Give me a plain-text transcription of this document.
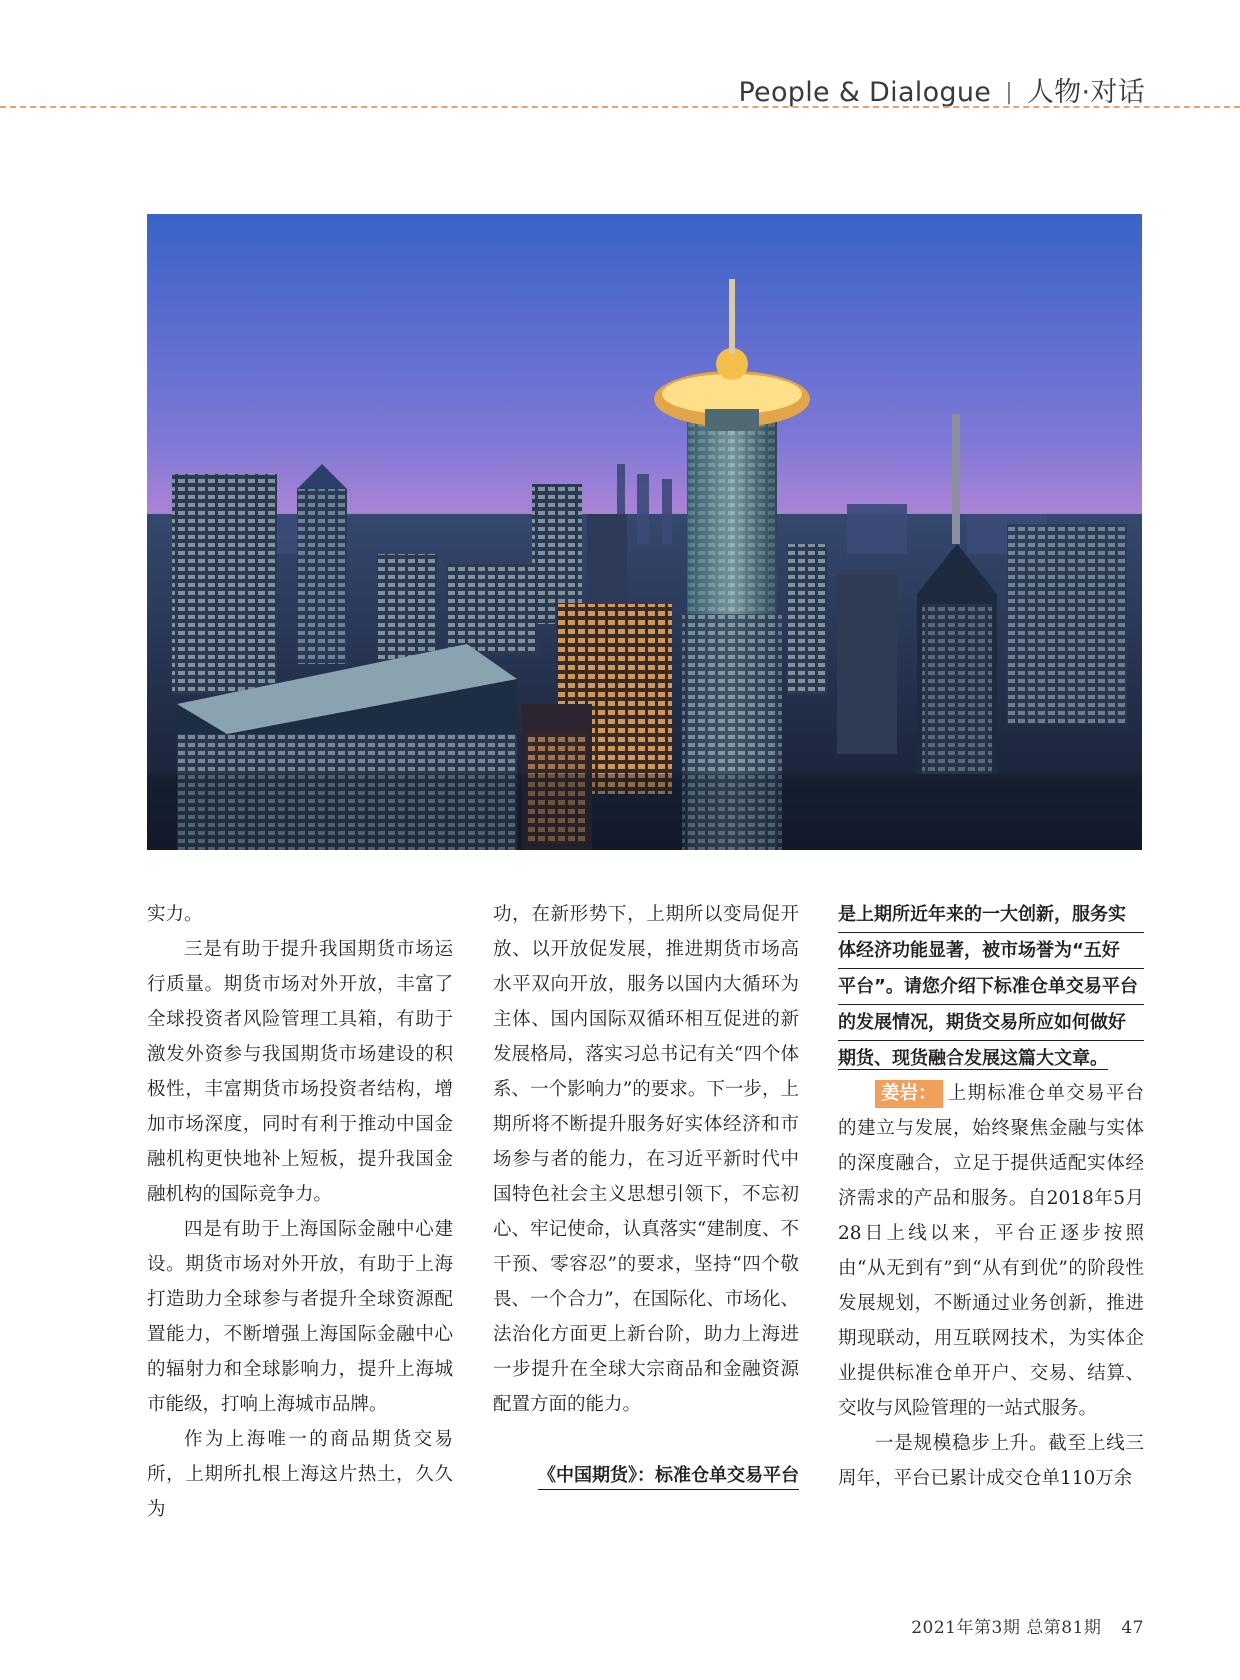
People & Dialogue | 人物·对话

实力。

三是有助于提升我国期货市场运行质量。期货市场对外开放，丰富了全球投资者风险管理工具箱，有助于激发外资参与我国期货市场建设的积极性，丰富期货市场投资者结构，增加市场深度，同时有利于推动中国金融机构更快地补上短板，提升我国金融机构的国际竞争力。

四是有助于上海国际金融中心建设。期货市场对外开放，有助于上海打造助力全球参与者提升全球资源配置能力，不断增强上海国际金融中心的辐射力和全球影响力，提升上海城市能级，打响上海城市品牌。

作为上海唯一的商品期货交易所，上期所扎根上海这片热土，久久为

功，在新形势下，上期所以变局促开放、以开放促发展，推进期货市场高水平双向开放，服务以国内大循环为主体、国内国际双循环相互促进的新发展格局，落实习总书记有关“四个体系、一个影响力”的要求。下一步，上期所将不断提升服务好实体经济和市场参与者的能力，在习近平新时代中国特色社会主义思想引领下，不忘初心、牢记使命，认真落实“建制度、不干预、零容忍”的要求，坚持“四个敬畏、一个合力”，在国际化、市场化、法治化方面更上新台阶，助力上海进一步提升在全球大宗商品和金融资源配置方面的能力。

《中国期货》：标准仓单交易平台

是上期所近年来的一大创新，服务实
体经济功能显著，被市场誉为“五好
平台”。请您介绍下标准仓单交易平台
的发展情况，期货交易所应如何做好
期货、现货融合发展这篇大文章。

姜岩： 上期标准仓单交易平台的建立与发展，始终聚焦金融与实体的深度融合，立足于提供适配实体经济需求的产品和服务。自2018年5月28日上线以来，平台正逐步按照由“从无到有”到“从有到优”的阶段性发展规划，不断通过业务创新，推进期现联动，用互联网技术，为实体企业提供标准仓单开户、交易、结算、交收与风险管理的一站式服务。

一是规模稳步上升。截至上线三周年，平台已累计成交仓单110万余

2021年第3期 总第81期 47
